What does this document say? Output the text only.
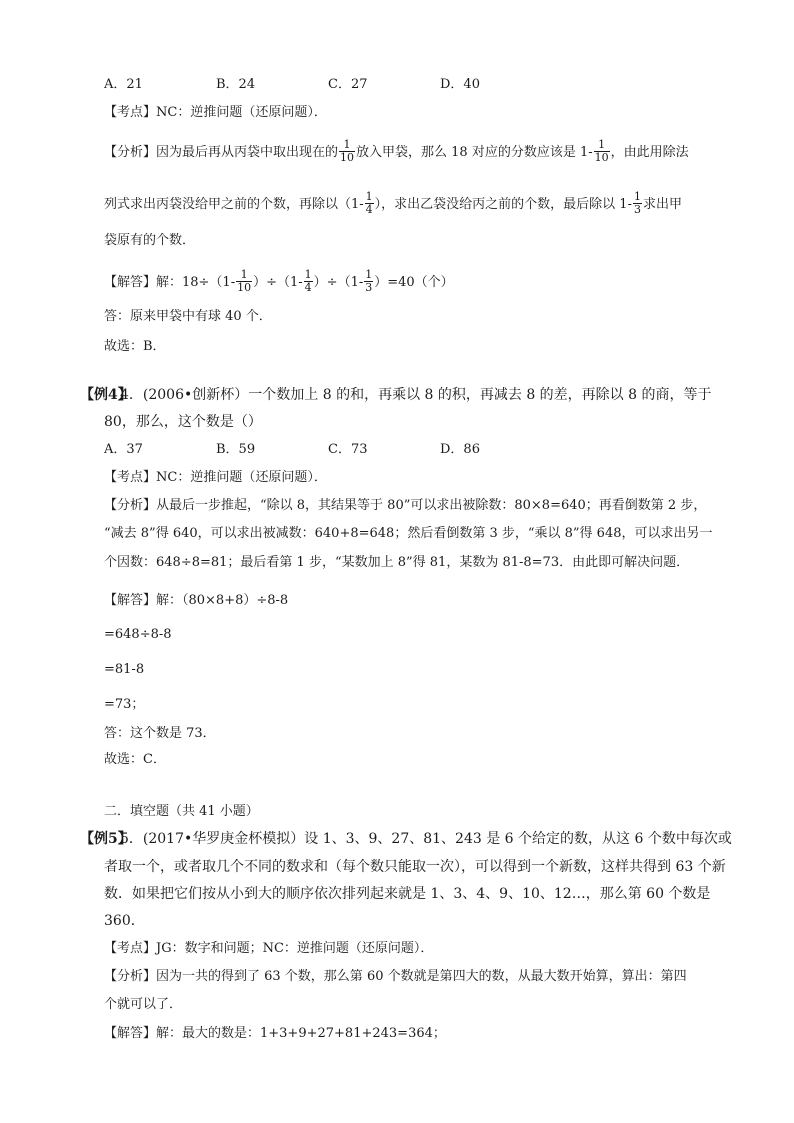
A．21	B．24	C．27	D．40
【考点】NC：逆推问题（还原问题）．
【分析】因为最后再从丙袋中取出现在的 $\frac{1}{10}$ 放入甲袋，那么 18 对应的分数应该是 $1- \frac{1}{10}$ ，由此用除法
列式求出丙袋没给甲之前的个数，再除以（$1- \frac{1}{4}$ ），求出乙袋没给丙之前的个数，最后除以 $1- \frac{1}{3}$ 求出甲
袋原有的个数．
【解答】解：$18\div(1- \frac{1}{10} )\div(1- \frac{1}{4} )\div(1- \frac{1}{3} )=40$（个）
答：原来甲袋中有球 40 个．
故选：B．
【例4】
4．(2006•创新杯）一个数加上 8 的和，再乘以 8 的积，再减去 8 的差，再除以 8 的商，等于
80，那么，这个数是（）
A．37	B．59	C．73	D．86
【考点】NC：逆推问题（还原问题）．
【分析】从最后一步推起，“除以 8，其结果等于 80”可以求出被除数：80×8=640；再看倒数第 2 步，
“减去 8”得 640，可以求出被减数：640+8=648；然后看倒数第 3 步，“乘以 8”得 648，可以求出另一
个因数：648÷8=81；最后看第 1 步，“某数加上 8”得 81，某数为 81-8=73．由此即可解决问题．
【解答】解：（80×8+8）÷8-8
=648÷8-8
=81-8
=73；
答：这个数是 73．
故选：C．
二．填空题（共 41 小题）
【例5】
5．(2017•华罗庚金杯模拟）设 1、3、9、27、81、243 是 6 个给定的数，从这 6 个数中每次或
者取一个，或者取几个不同的数求和（每个数只能取一次），可以得到一个新数，这样共得到 63 个新
数．如果把它们按从小到大的顺序依次排列起来就是 1、3、4、9、10、12…，那么第 60 个数是
360．
【考点】JG：数字和问题；NC：逆推问题（还原问题）．
【分析】因为一共的得到了 63 个数，那么第 60 个数就是第四大的数，从最大数开始算，算出：第四
个就可以了．
【解答】解：最大的数是：1+3+9+27+81+243=364；
